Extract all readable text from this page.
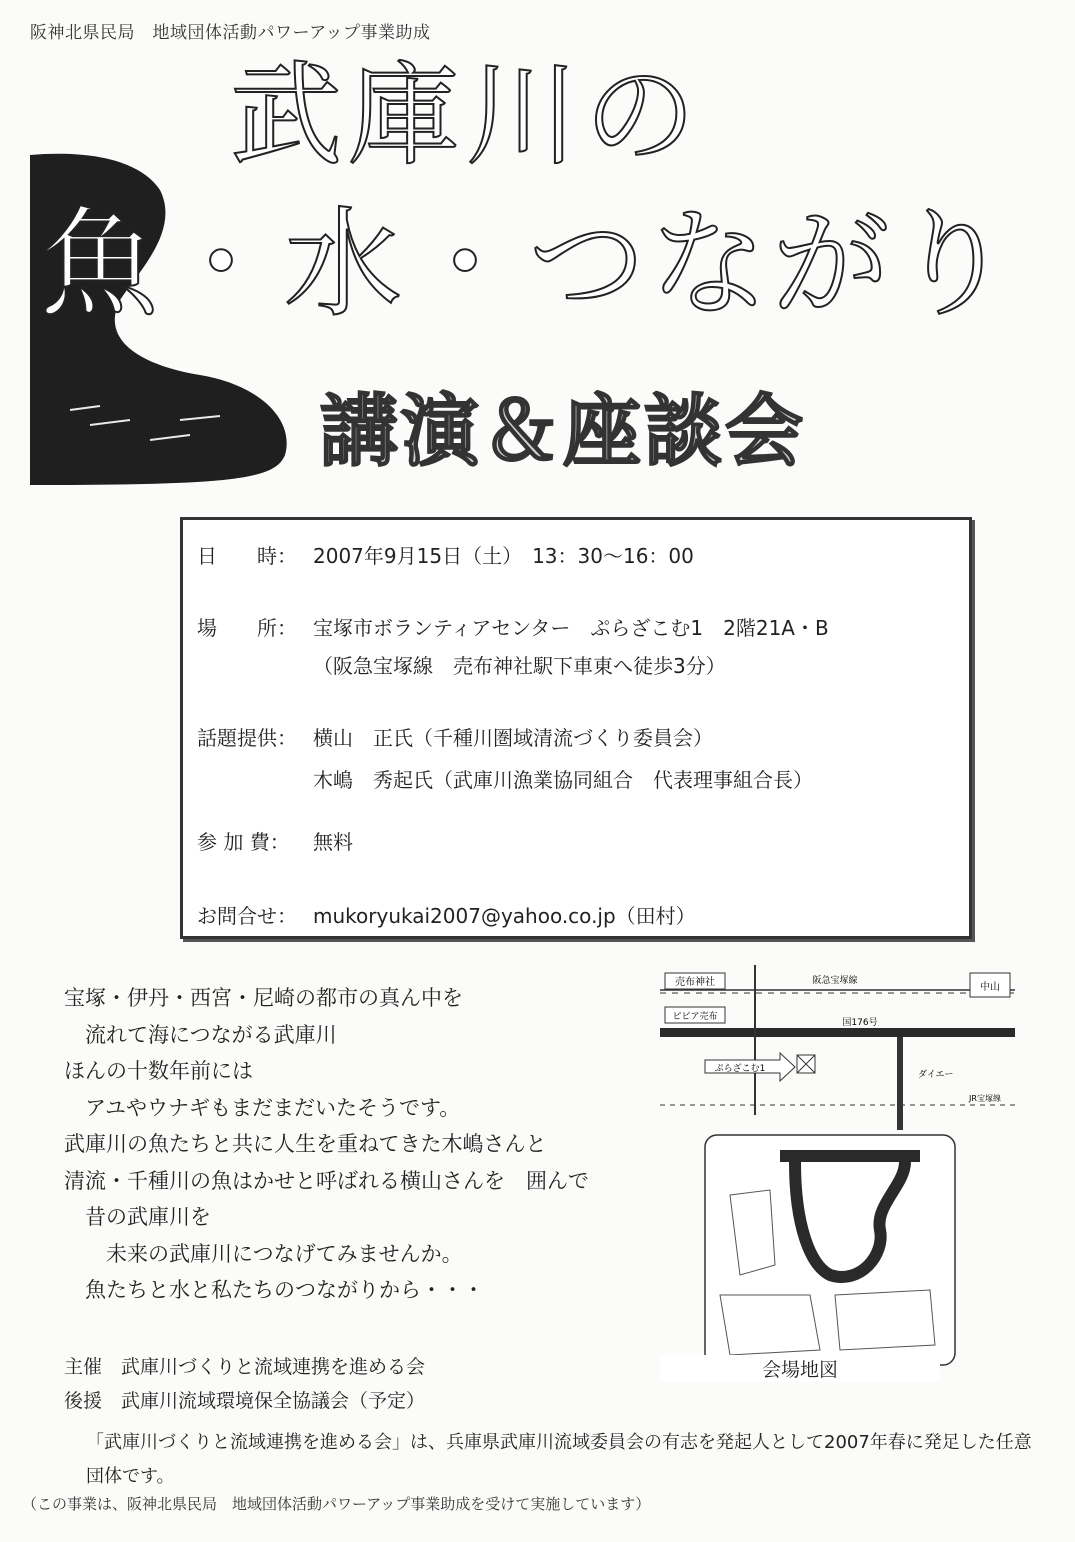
阪神北県民局　地域団体活動パワーアップ事業助成
武庫川の
魚・水・つながり
講演＆座談会
日　　時： 2007年9月15日（土）　13：30～16：00
場　　所： 宝塚市ボランティアセンター　ぷらざこむ1　2階21A・B
（阪急宝塚線　売布神社駅下車東へ徒歩3分）
話題提供： 横山　正氏（千種川圏域清流づくり委員会）
木嶋　秀起氏（武庫川漁業協同組合　代表理事組合長）
参 加 費： 無料
お問合せ： mukoryukai2007@yahoo.co.jp（田村）
宝塚・伊丹・西宮・尼崎の都市の真ん中を
　流れて海につながる武庫川
ほんの十数年前には
　アユやウナギもまだまだいたそうです。
武庫川の魚たちと共に人生を重ねてきた木嶋さんと
清流・千種川の魚はかせと呼ばれる横山さんを　囲んで
　昔の武庫川を
　　未来の武庫川につなげてみませんか。
　魚たちと水と私たちのつながりから・・・
売布神社	阪急宝塚線
中山
ピピア売布
国176号
ぷらざこむ1
ダイエー
JR宝塚線
会場地図
主催　武庫川づくりと流域連携を進める会
後援　武庫川流域環境保全協議会（予定）
「武庫川づくりと流域連携を進める会」は、兵庫県武庫川流域委員会の有志を発起人として2007年春に発足した任意団体です。
（この事業は、阪神北県民局　地域団体活動パワーアップ事業助成を受けて実施しています）
